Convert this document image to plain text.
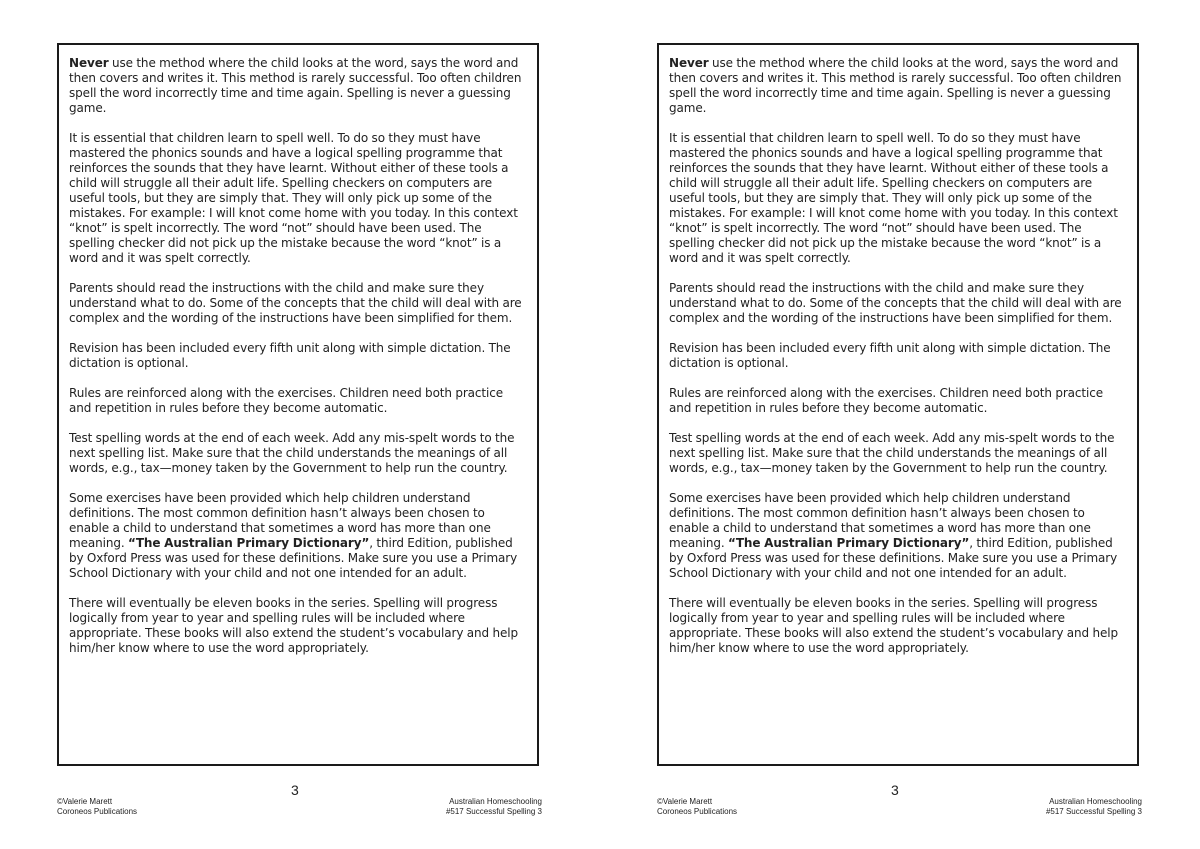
Never use the method where the child looks at the word, says the word and then covers and writes it. This method is rarely successful. Too often children spell the word incorrectly time and time again. Spelling is never a guessing game.

It is essential that children learn to spell well. To do so they must have mastered the phonics sounds and have a logical spelling programme that reinforces the sounds that they have learnt. Without either of these tools a child will struggle all their adult life. Spelling checkers on computers are useful tools, but they are simply that. They will only pick up some of the mistakes. For example: I will knot come home with you today. In this context “knot” is spelt incorrectly. The word “not” should have been used. The spelling checker did not pick up the mistake because the word “knot” is a word and it was spelt correctly.

Parents should read the instructions with the child and make sure they understand what to do. Some of the concepts that the child will deal with are complex and the wording of the instructions have been simplified for them.

Revision has been included every fifth unit along with simple dictation. The dictation is optional.

Rules are reinforced along with the exercises. Children need both practice and repetition in rules before they become automatic.

Test spelling words at the end of each week. Add any mis-spelt words to the next spelling list. Make sure that the child understands the meanings of all words, e.g., tax—money taken by the Government to help run the country.

Some exercises have been provided which help children understand definitions. The most common definition hasn’t always been chosen to enable a child to understand that sometimes a word has more than one meaning. “The Australian Primary Dictionary”, third Edition, published by Oxford Press was used for these definitions. Make sure you use a Primary School Dictionary with your child and not one intended for an adult.

There will eventually be eleven books in the series. Spelling will progress logically from year to year and spelling rules will be included where appropriate. These books will also extend the student’s vocabulary and help him/her know where to use the word appropriately.

3
©Valerie Marett
Coroneos Publications
Australian Homeschooling
#517 Successful Spelling 3

Never use the method where the child looks at the word, says the word and then covers and writes it. This method is rarely successful. Too often children spell the word incorrectly time and time again. Spelling is never a guessing game.

It is essential that children learn to spell well. To do so they must have mastered the phonics sounds and have a logical spelling programme that reinforces the sounds that they have learnt. Without either of these tools a child will struggle all their adult life. Spelling checkers on computers are useful tools, but they are simply that. They will only pick up some of the mistakes. For example: I will knot come home with you today. In this context “knot” is spelt incorrectly. The word “not” should have been used. The spelling checker did not pick up the mistake because the word “knot” is a word and it was spelt correctly.

Parents should read the instructions with the child and make sure they understand what to do. Some of the concepts that the child will deal with are complex and the wording of the instructions have been simplified for them.

Revision has been included every fifth unit along with simple dictation. The dictation is optional.

Rules are reinforced along with the exercises. Children need both practice and repetition in rules before they become automatic.

Test spelling words at the end of each week. Add any mis-spelt words to the next spelling list. Make sure that the child understands the meanings of all words, e.g., tax—money taken by the Government to help run the country.

Some exercises have been provided which help children understand definitions. The most common definition hasn’t always been chosen to enable a child to understand that sometimes a word has more than one meaning. “The Australian Primary Dictionary”, third Edition, published by Oxford Press was used for these definitions. Make sure you use a Primary School Dictionary with your child and not one intended for an adult.

There will eventually be eleven books in the series. Spelling will progress logically from year to year and spelling rules will be included where appropriate. These books will also extend the student’s vocabulary and help him/her know where to use the word appropriately.

3
©Valerie Marett
Coroneos Publications
Australian Homeschooling
#517 Successful Spelling 3
